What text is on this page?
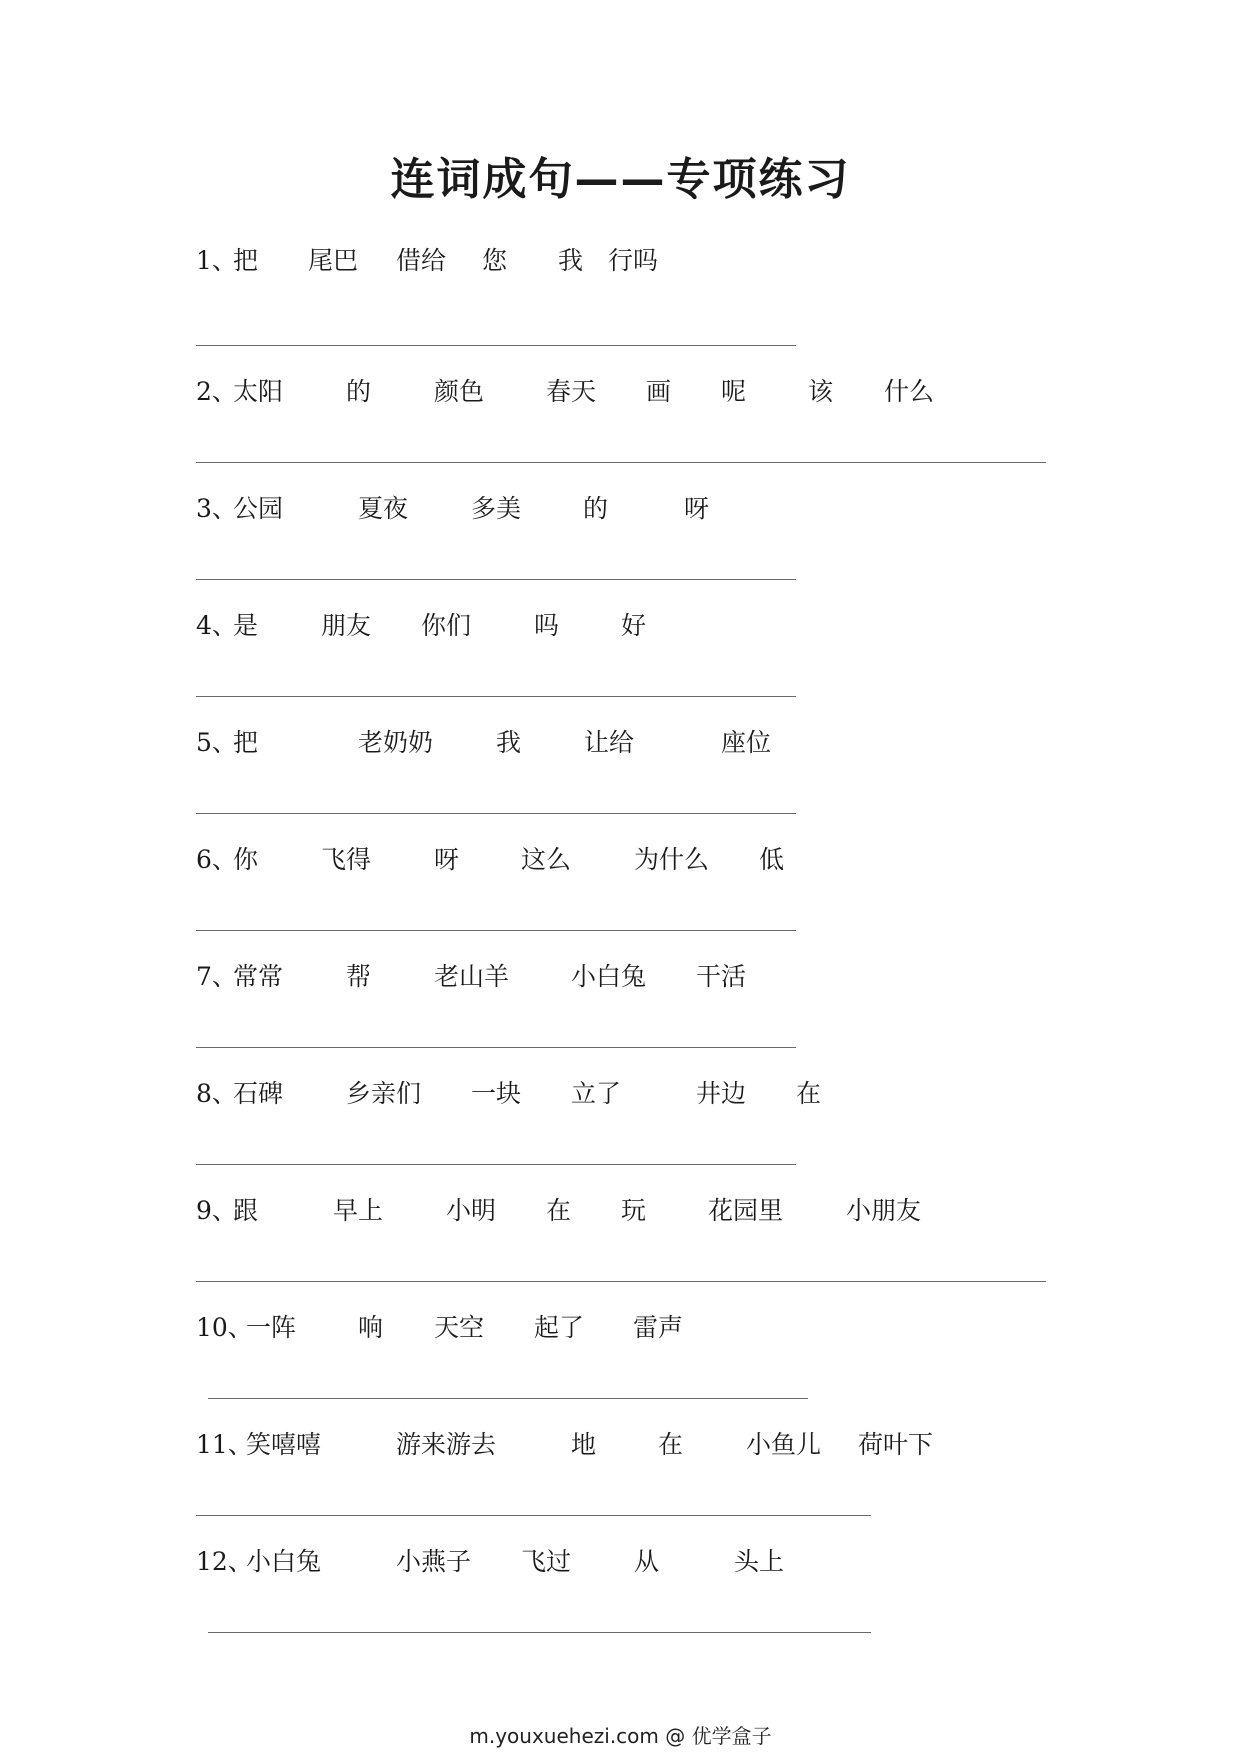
连词成句——专项练习
1、
把 尾巴 借给 您 我 行吗
2、
太阳	的	颜色 春天 画 呢 该 什么
3、
公园	夏夜	多美 的	呀
4、
是	朋友 你们	吗 好
5、
把	老奶奶	我	让给	座位
6、
你	飞得	呀 这么	为什么 低
7、
常常	帮	老山羊 小白兔 干活
8、
石碑	乡亲们 一块 立了	井边 在
9、
跟	早上	小明 在 玩 花园里	小朋友
10、
一阵 响 天空 起了 雷声
11、
笑嘻嘻	游来游去	地 在	小鱼儿 荷叶下
12、
小白兔	小燕子 飞过	从	头上
m.youxuehezi.com @ 优学盒子
